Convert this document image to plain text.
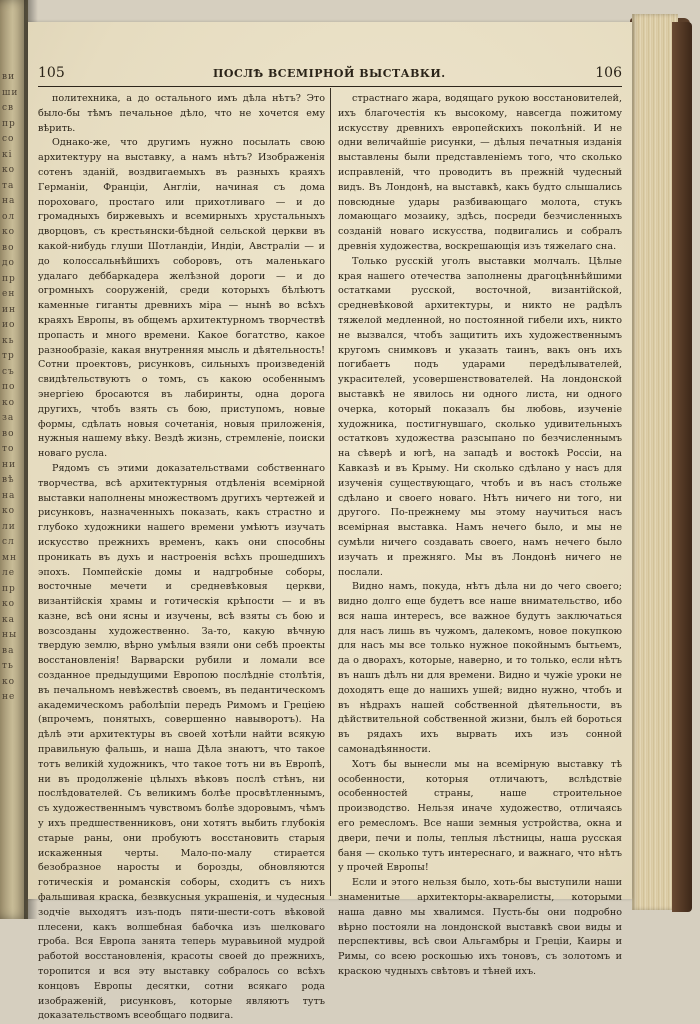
ви ши св пр со кі ко та на ол ко во до пр ен ин ио кь тр съ по ко за во то ни вѣ на ко ли сл мн ле пр ко ка ны ва ть ко не
105	ПОСЛѢ ВСЕМІРНОЙ ВЫСТАВКИ.	106

политехника, а до остального имъ дѣла нѣтъ? Это было-бы тѣмъ печальное дѣло, что не хочется ему вѣрить.

Однако-же, что другимъ нужно посылать свою архитектуру на выставку, а намъ нѣтъ? Изображенія сотенъ зданій, воздвигаемыхъ въ разныхъ краяхъ Германіи, Франціи, Англіи, начиная съ дома пороховаго, простаго или прихотливаго — и до громадныхъ биржевыхъ и всемирныхъ хрустальныхъ дворцовъ, съ крестьянски-бѣдной сельской церкви въ какой-нибудь глуши Шотландіи, Индіи, Австраліи — и до колоссальнѣйшихъ соборовъ, отъ маленькаго удалаго деббаркадера желѣзной дороги — и до огромныхъ сооруженій, среди которыхъ бѣлѣютъ каменные гиганты древнихъ міра — нынѣ во всѣхъ краяхъ Европы, въ общемъ архитектурномъ творчествѣ пропасть и много времени. Какое богатство, какое разнообразіе, какая внутренняя мысль и дѣятельность! Сотни проектовъ, рисунковъ, сильныхъ произведеній свидѣтельствуютъ о томъ, съ какою особеннымъ энергіею бросаются въ лабиринты, одна дорога другихъ, чтобъ взять съ бою, приступомъ, новые формы, сдѣлать новыя сочетанія, новыя приложенія, нужныя нашему вѣку. Вездѣ жизнь, стремленіе, поиски новаго русла.

Рядомъ съ этими доказательствами собственнаго творчества, всѣ архитектурныя отдѣленія всемірной выставки наполнены множествомъ другихъ чертежей и рисунковъ, назначенныхъ показать, какъ страстно и глубоко художники нашего времени умѣютъ изучать искусство прежнихъ временъ, какъ они способны проникать въ духъ и настроенія всѣхъ прошедшихъ эпохъ. Помпейскіе домы и надгробные соборы, восточные мечети и средневѣковыя церкви, византійскія храмы и готическія крѣпости — и въ казне, всѣ они ясны и изучены, всѣ взяты съ бою и возсозданы художественно. За-то, какую вѣчную твердую землю, вѣрно умѣлыя взяли они себѣ проекты восстановленія! Варварски рубили и ломали все созданное предыдущими Европою послѣдніе столѣтія, въ печальномъ невѣжествѣ своемъ, въ педантическомъ академическомъ раболѣпіи передъ Римомъ и Греціею (впрочемъ, понятыхъ, совершенно навыворотъ). На дѣлѣ эти архитектуры въ своей хотѣли найти всякую правильную фальшь, и наша Дѣла знаютъ, что такое тотъ великій художникъ, что такое тотъ ни въ Европѣ, ни въ продолженіе цѣлыхъ вѣковъ послѣ стѣнъ, ни послѣдователей. Съ великимъ болѣе просвѣтленнымъ, съ художественнымъ чувствомъ болѣе здоровымъ, чѣмъ у ихъ предшественниковъ, они хотятъ выбить глубокія старые раны, они пробуютъ восстановить старыя искаженныя черты. Мало-по-малу стирается безобразное наросты и борозды, обновляются готическія и романскія соборы, сходитъ съ нихъ фальшивая краска, безвкусныя украшенія, и чудесныя зодчіе выходятъ изъ-подъ пяти-шести-сотъ вѣковой плесени, какъ волшебная бабочка изъ шелковаго гроба. Вся Европа занята теперь муравьиной мудрой работой восстановленія, красоты своей до прежнихъ, торопится и вся эту выставку собралось со всѣхъ концовъ Европы десятки, сотни всякаго рода изображеній, рисунковъ, которые являютъ тутъ доказательствомъ всеобщаго подвига.

страстнаго жара, водящаго рукою восстановителей, ихъ благочестія къ высокому, навсегда пожитому искусству древнихъ европейскихъ поколѣній. И не одни величайшіе рисунки, — дѣлыя печатныя изданія выставлены были представленіемъ того, что сколько исправленій, что проводитъ въ прежній чудесный видъ. Въ Лондонѣ, на выставкѣ, какъ будто слышались повсюдные удары разбивающаго молота, стукъ ломающаго мозаику, здѣсь, посреди безчисленныхъ созданій новаго искусства, подвигались и собралъ древнія художества, воскрешающія изъ тяжелаго сна.

Только русскій уголъ выставки молчалъ. Цѣлые края нашего отечества заполнены драгоцѣннѣйшими остатками русской, восточной, византійской, средневѣковой архитектуры, и никто не радѣлъ тяжелой медленной, но постоянной гибели ихъ, никто не вызвался, чтобъ защитить ихъ художественнымъ кругомъ снимковъ и указать таинъ, вакъ онъ ихъ погибаетъ подъ ударами передѣлывателей, украсителей, усовершенствователей. На лондонской выставкѣ не явилось ни одного листа, ни одного очерка, который показалъ бы любовь, изученіе художника, постигнувшаго, сколько удивительныхъ остатковъ художества разсыпано по безчисленнымъ на сѣверѣ и югѣ, на западѣ и востокѣ Россіи, на Кавказѣ и въ Крыму. Ни сколько сдѣлано у насъ для изученія существующаго, чтобъ и въ насъ стольже сдѣлано и своего новаго. Нѣтъ ничего ни того, ни другого. По-прежнему мы этому научиться насъ всемірная выставка. Намъ нечего было, и мы не сумѣли ничего создавать своего, намъ нечего было изучать и прежняго. Мы въ Лондонѣ ничего не послали.

Видно намъ, покуда, нѣтъ дѣла ни до чего своего; видно долго еще будетъ все наше внимательство, ибо вся наша интересъ, все важное будутъ заключаться для насъ лишь въ чужомъ, далекомъ, новое покупкою для насъ мы все только нужное покойнымъ бытьемъ, да о дворахъ, которые, наверно, и то только, если нѣтъ въ нашъ дѣлъ ни для времени. Видно и чужіе уроки не доходятъ еще до нашихъ ушей; видно нужно, чтобъ и въ нѣдрахъ нашей собственной дѣятельности, въ дѣйствительной собственной жизни, былъ ей бороться въ рядахъ ихъ вырвать ихъ изъ сонной самонадѣянности.

Хотъ бы вынесли мы на всемірную выставку тѣ особенности, которыя отличаютъ, вслѣдствіе особенностей страны, наше строительное производство. Нельзя иначе художество, отличаясь его ремесломъ. Все наши земныя устройства, окна и двери, печи и полы, теплыя лѣстницы, наша русская баня — сколько тутъ интереснаго, и важнаго, что нѣтъ у прочей Европы!

Если и этого нельзя было, хоть-бы выступили наши знаменитые архитекторы-акварелисты, которыми наша давно мы хвалимся. Пусть-бы они подробно вѣрно постояли на лондонской выставкѣ свои виды и перспективы, всѣ свои Альгамбры и Греціи, Каиры и Римы, со всею роскошью ихъ тоновъ, съ золотомъ и краскою чудныхъ свѣтовъ и тѣней ихъ.
